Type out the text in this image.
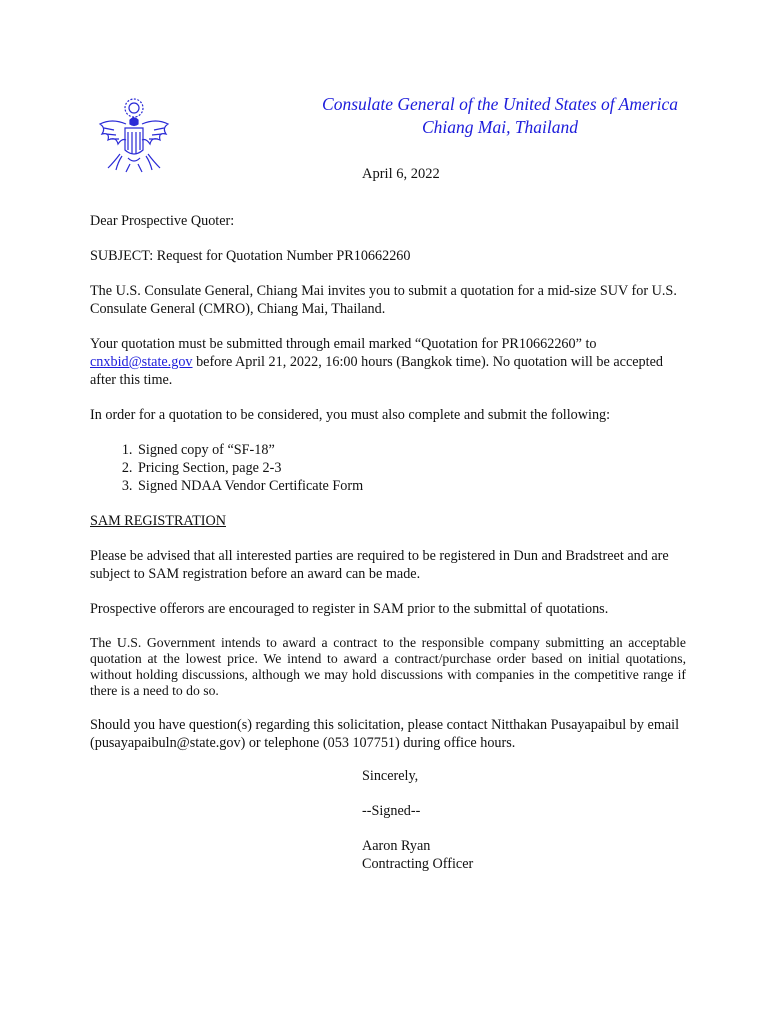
Consulate General of the United States of America
Chiang Mai, Thailand
April 6, 2022

Dear Prospective Quoter:

SUBJECT: Request for Quotation Number PR10662260

The U.S. Consulate General, Chiang Mai invites you to submit a quotation for a mid-size SUV for U.S. Consulate General (CMRO), Chiang Mai, Thailand.

Your quotation must be submitted through email marked “Quotation for PR10662260” to cnxbid@state.gov before April 21, 2022, 16:00 hours (Bangkok time). No quotation will be accepted after this time.

In order for a quotation to be considered, you must also complete and submit the following:

1. Signed copy of “SF-18”
2. Pricing Section, page 2-3
3. Signed NDAA Vendor Certificate Form

SAM REGISTRATION

Please be advised that all interested parties are required to be registered in Dun and Bradstreet and are subject to SAM registration before an award can be made.

Prospective offerors are encouraged to register in SAM prior to the submittal of quotations.

The U.S. Government intends to award a contract to the responsible company submitting an acceptable quotation at the lowest price. We intend to award a contract/purchase order based on initial quotations, without holding discussions, although we may hold discussions with companies in the competitive range if there is a need to do so.

Should you have question(s) regarding this solicitation, please contact Nitthakan Pusayapaibul by email (pusayapaibuln@state.gov) or telephone (053 107751) during office hours.

Sincerely,

--Signed--

Aaron Ryan

Contracting Officer
